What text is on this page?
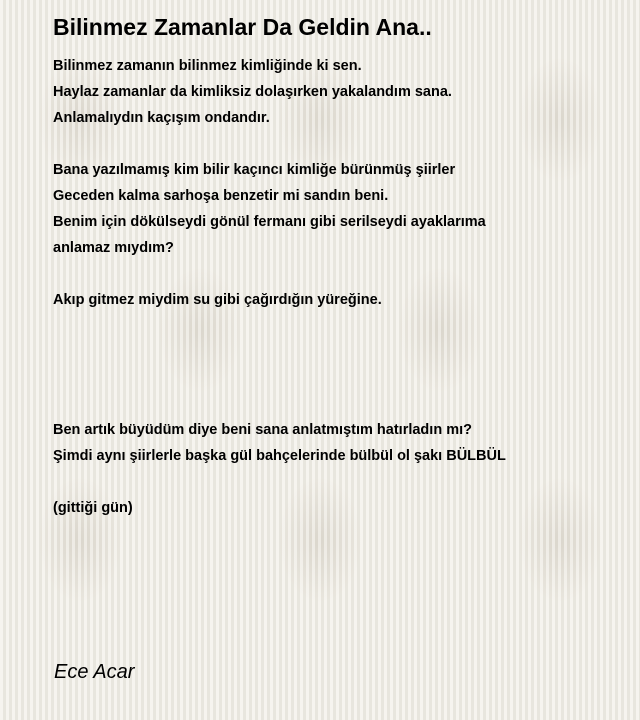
Bilinmez Zamanlar Da Geldin Ana..
Bilinmez zamanın bilinmez kimliğinde ki sen.
Haylaz zamanlar da kimliksiz dolaşırken yakalandım sana.
Anlamalıydın kaçışım ondandır.
Bana yazılmamış kim bilir kaçıncı kimliğe bürünmüş şiirler
Geceden kalma sarhoşa benzetir mi sandın beni.
Benim için dökülseydi gönül fermanı gibi serilseydi ayaklarıma
anlamaz mıydım?
Akıp gitmez miydim su gibi çağırdığın yüreğine.
Ben artık büyüdüm diye beni sana anlatmıştım hatırladın mı?
Şimdi aynı şiirlerle başka gül bahçelerinde bülbül ol şakı BÜLBÜL
(gittiği gün)
Ece Acar
